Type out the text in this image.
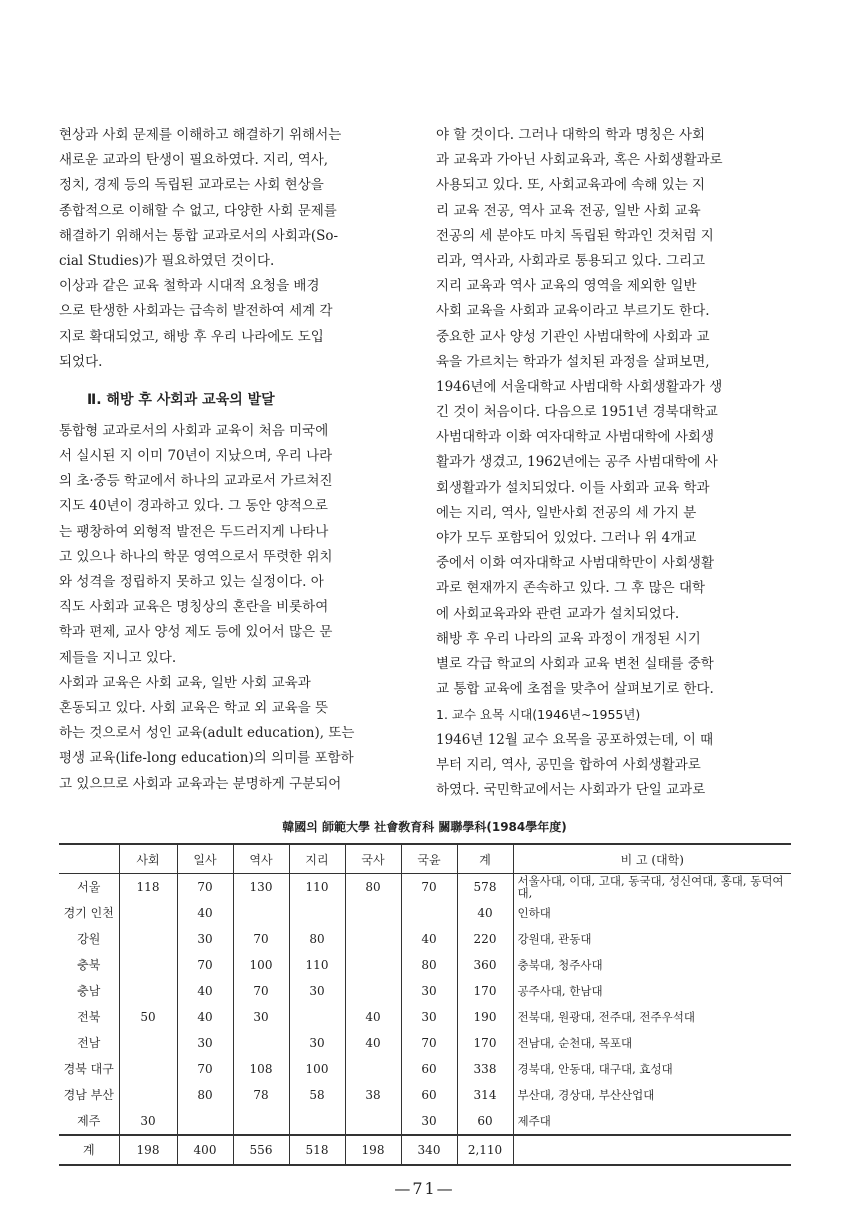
현상과 사회 문제를 이해하고 해결하기 위해서는
새로운 교과의 탄생이 필요하였다. 지리, 역사,
정치, 경제 등의 독립된 교과로는 사회 현상을
종합적으로 이해할 수 없고, 다양한 사회 문제를
해결하기 위해서는 통합 교과로서의 사회과(So-
cial Studies)가 필요하였던 것이다.
이상과 같은 교육 철학과 시대적 요청을 배경
으로 탄생한 사회과는 급속히 발전하여 세계 각
지로 확대되었고, 해방 후 우리 나라에도 도입
되었다.
Ⅱ. 해방 후 사회과 교육의 발달
통합형 교과로서의 사회과 교육이 처음 미국에
서 실시된 지 이미 70년이 지났으며, 우리 나라
의 초·중등 학교에서 하나의 교과로서 가르쳐진
지도 40년이 경과하고 있다. 그 동안 양적으로
는 팽창하여 외형적 발전은 두드러지게 나타나
고 있으나 하나의 학문 영역으로서 뚜렷한 위치
와 성격을 정립하지 못하고 있는 실정이다. 아
직도 사회과 교육은 명칭상의 혼란을 비롯하여
학과 편제, 교사 양성 제도 등에 있어서 많은 문
제들을 지니고 있다.
사회과 교육은 사회 교육, 일반 사회 교육과
혼동되고 있다. 사회 교육은 학교 외 교육을 뜻
하는 것으로서 성인 교육(adult education), 또는
평생 교육(life-long education)의 의미를 포함하
고 있으므로 사회과 교육과는 분명하게 구분되어
야 할 것이다. 그러나 대학의 학과 명칭은 사회
과 교육과 가아닌 사회교육과, 혹은 사회생활과로
사용되고 있다. 또, 사회교육과에 속해 있는 지
리 교육 전공, 역사 교육 전공, 일반 사회 교육
전공의 세 분야도 마치 독립된 학과인 것처럼 지
리과, 역사과, 사회과로 통용되고 있다. 그리고
지리 교육과 역사 교육의 영역을 제외한 일반
사회 교육을 사회과 교육이라고 부르기도 한다.
중요한 교사 양성 기관인 사범대학에 사회과 교
육을 가르치는 학과가 설치된 과정을 살펴보면,
1946년에 서울대학교 사범대학 사회생활과가 생
긴 것이 처음이다. 다음으로 1951년 경북대학교
사범대학과 이화 여자대학교 사범대학에 사회생
활과가 생겼고, 1962년에는 공주 사범대학에 사
회생활과가 설치되었다. 이들 사회과 교육 학과
에는 지리, 역사, 일반사회 전공의 세 가지 분
야가 모두 포함되어 있었다. 그러나 위 4개교
중에서 이화 여자대학교 사범대학만이 사회생활
과로 현재까지 존속하고 있다. 그 후 많은 대학
에 사회교육과와 관련 교과가 설치되었다.
해방 후 우리 나라의 교육 과정이 개정된 시기
별로 각급 학교의 사회과 교육 변천 실태를 중학
교 통합 교육에 초점을 맞추어 살펴보기로 한다.
1. 교수 요목 시대(1946년~1955년)
1946년 12월 교수 요목을 공포하였는데, 이 때
부터 지리, 역사, 공민을 합하여 사회생활과로
하였다. 국민학교에서는 사회과가 단일 교과로
韓國의 師範大學 社會敎育科 關聯學科(1984學年度)
	사회	일사	역사	지리	국사	국윤	계	비 고 (대학)
서울	118	70	130	110	80	70	578	서울사대, 이대, 고대, 동국대, 성신여대, 홍대, 동덕여대,
경기 인천		40					40	인하대
강원		30	70	80		40	220	강원대, 관동대
충북		70	100	110		80	360	충북대, 청주사대
충남		40	70	30		30	170	공주사대, 한남대
전북	50	40	30		40	30	190	전북대, 원광대, 전주대, 전주우석대
전남		30		30	40	70	170	전남대, 순천대, 목포대
경북 대구		70	108	100		60	338	경북대, 안동대, 대구대, 효성대
경남 부산		80	78	58	38	60	314	부산대, 경상대, 부산산업대
제주	30					30	60	제주대
계	198	400	556	518	198	340	2,110	
—71—
